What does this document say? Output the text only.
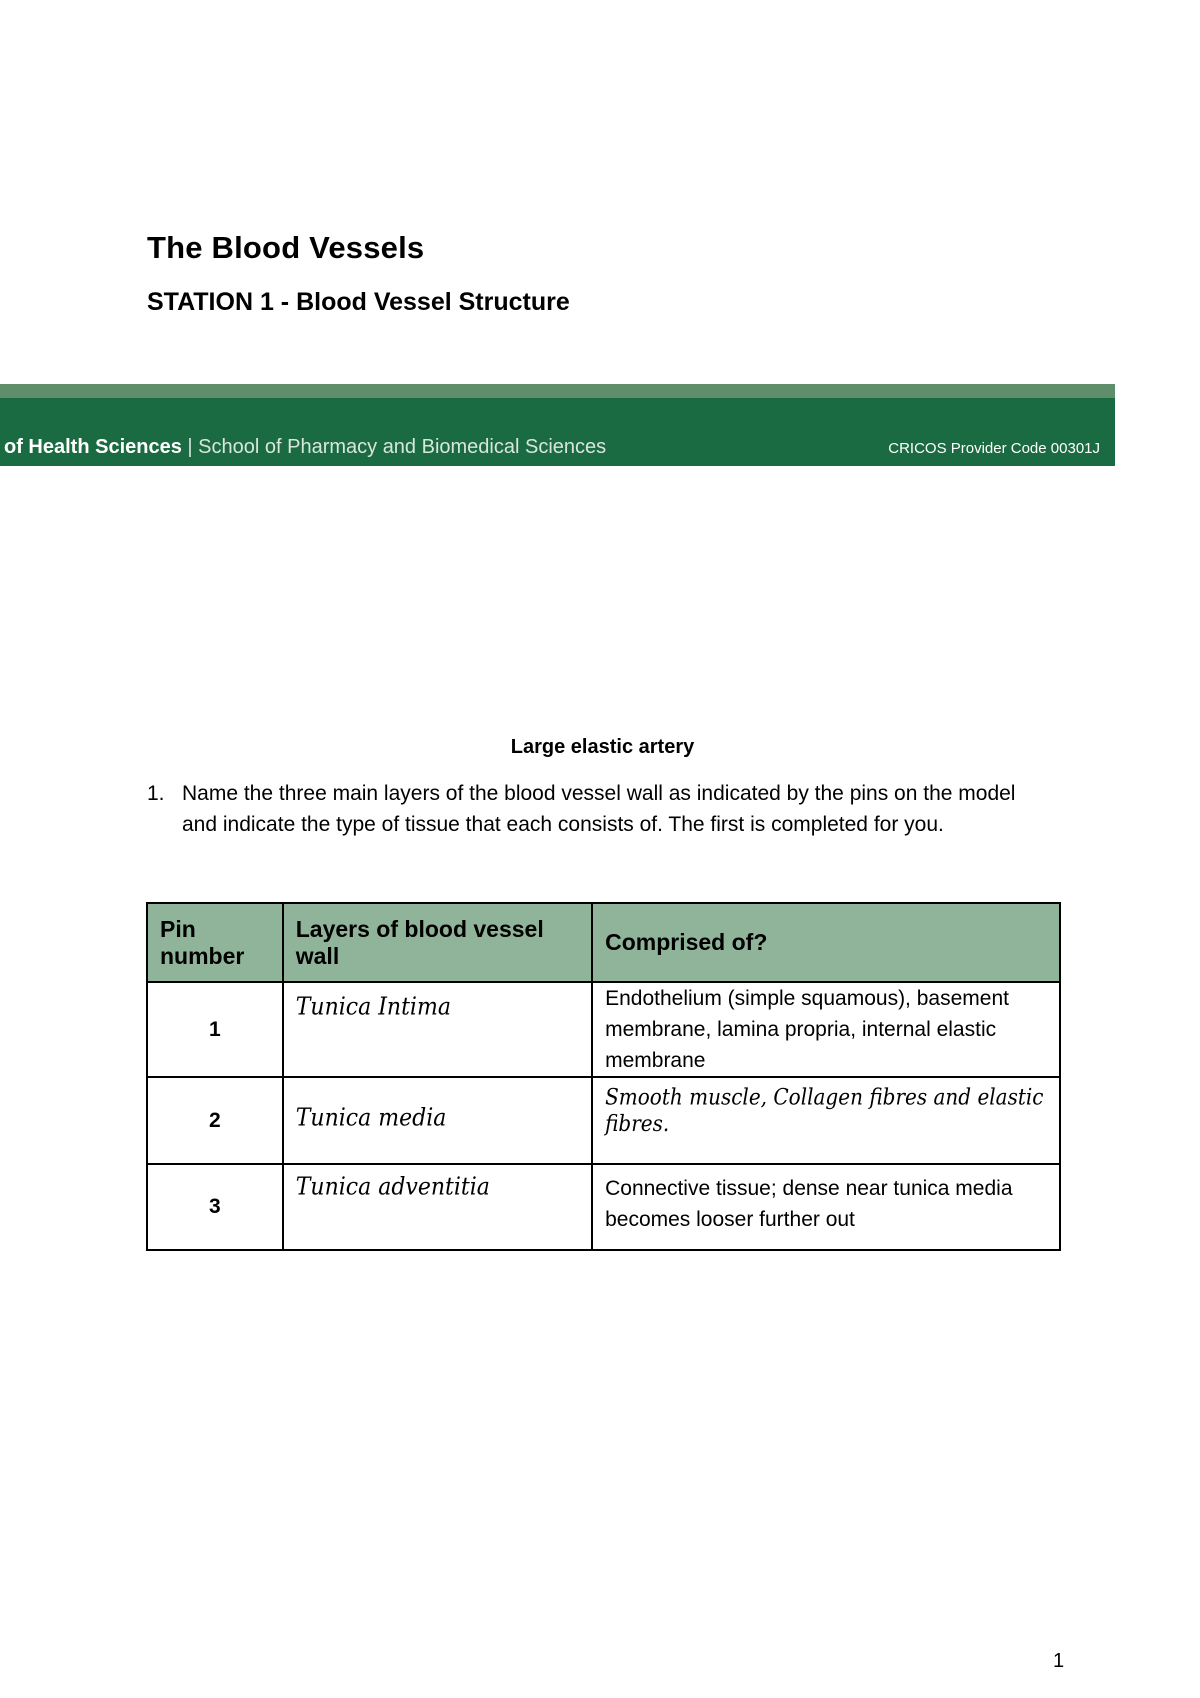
The Blood Vessels
STATION 1 - Blood Vessel Structure
of Health Sciences | School of Pharmacy and Biomedical Sciences	CRICOS Provider Code 00301J
Large elastic artery
1. Name the three main layers of the blood vessel wall as indicated by the pins on the model and indicate the type of tissue that each consists of. The first is completed for you.
Pin number	Layers of blood vessel wall	Comprised of?
1	Tunica Intima	Endothelium (simple squamous), basement membrane, lamina propria, internal elastic membrane
2	Tunica media	Smooth muscle, Collagen fibres and elastic fibres.
3	Tunica adventitia	Connective tissue; dense near tunica media becomes looser further out
1
